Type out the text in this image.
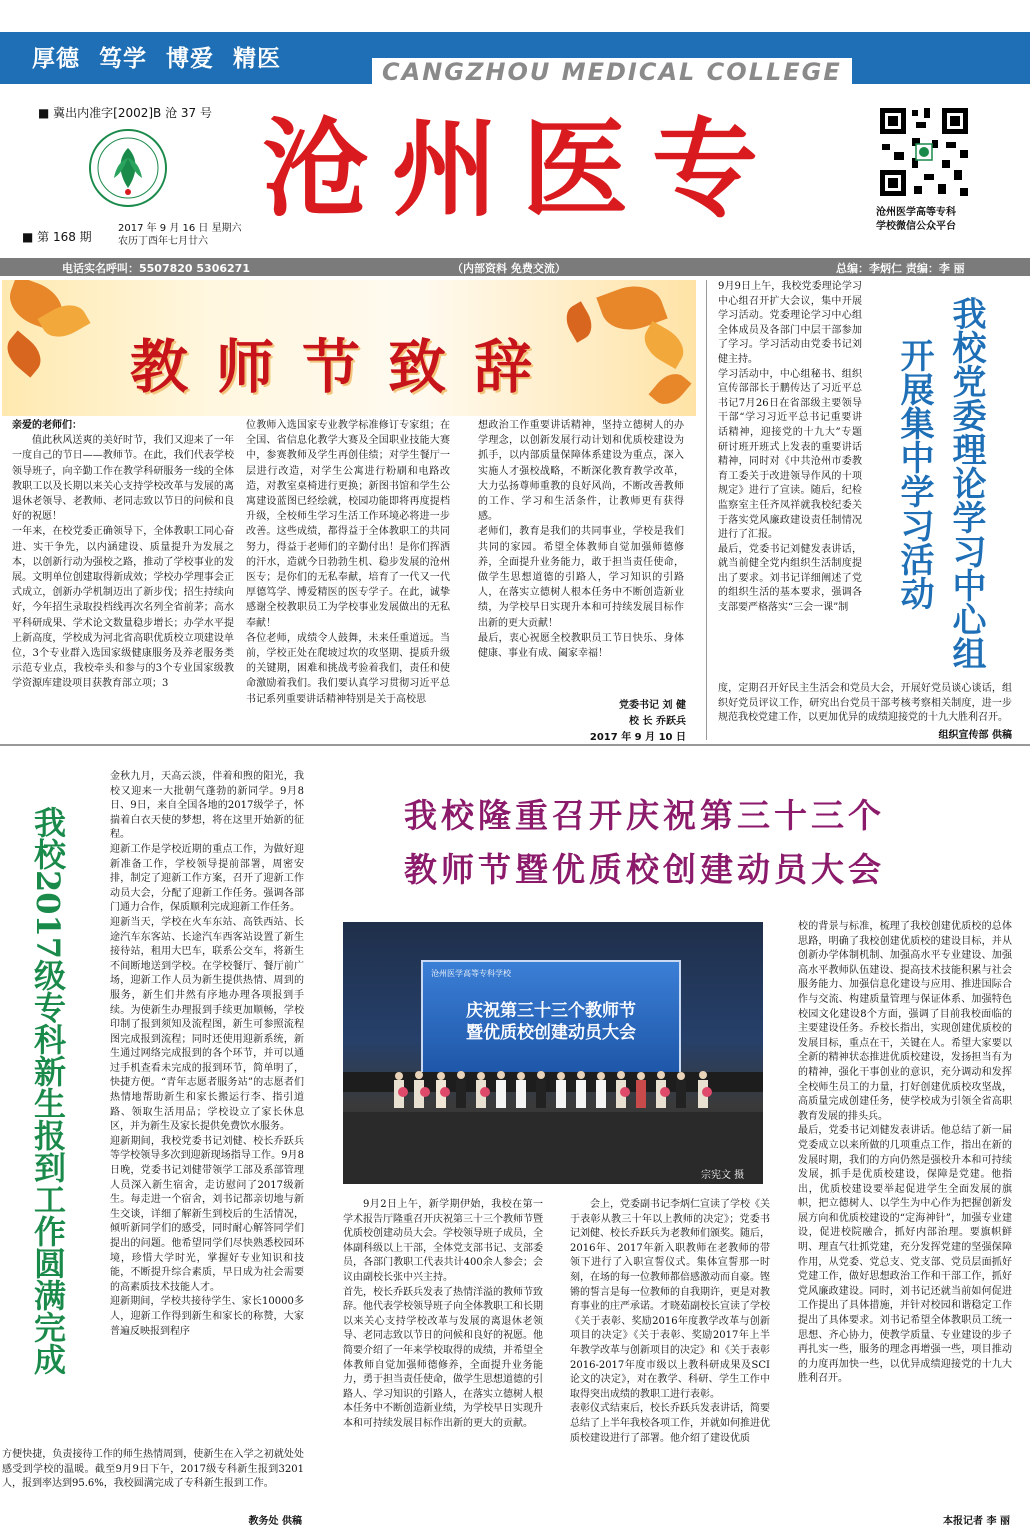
厚德 笃学 博爱 精医	CANGZHOU MEDICAL COLLEGE
■ 冀出内准字[2002]B 沧 37 号
■ 第 168 期
2017 年 9 月 16 日 星期六
农历丁酉年七月廿六
沧州医专	沧州医学高等专科
学校微信公众平台
电话实名呼叫：5507820 5306271	（内部资料 免费交流）	总编：李炳仁 责编：李 丽
教师节致辞
亲爱的老师们：
值此秋风送爽的美好时节，我们又迎来了一年一度自己的节日——教师节。在此，我们代表学校领导班子，向辛勤工作在教学科研服务一线的全体教职工以及长期以来关心支持学校改革与发展的离退休老领导、老教师、老同志致以节日的问候和良好的祝愿！
一年来，在校党委正确领导下，全体教职工同心奋进、实干争先，以内涵建设、质量提升为发展之本，以创新行动为强校之路，推动了学校事业的发展。文明单位创建取得新成效；学校办学理事会正式成立，创新办学机制迈出了新步伐；招生持续向好，今年招生录取投档线再次名列全省前茅；高水平科研成果、学术论文数量稳步增长；办学水平提上新高度，学校成为河北省高职优质校立项建设单位，3个专业群入选国家级健康服务及养老服务类示范专业点，我校牵头和参与的3个专业国家级教学资源库建设项目获教育部立项；3
位教师入选国家专业教学标准修订专家组；在全国、省信息化教学大赛及全国职业技能大赛中，参赛教师及学生再创佳绩；对学生餐厅一层进行改造，对学生公寓进行粉刷和电路改造，对教室桌椅进行更换；新图书馆和学生公寓建设蓝图已经绘就，校园功能即将再度提档升级，全校师生学习生活工作环境必将进一步改善。这些成绩，都得益于全体教职工的共同努力，得益于老师们的辛勤付出！是你们挥洒的汗水，造就今日勃勃生机、稳步发展的沧州医专；是你们的无私奉献，培育了一代又一代厚德笃学、博爱精医的医专学子。在此，诚挚感谢全校教职员工为学校事业发展做出的无私奉献！
各位老师，成绩令人鼓舞，未来任重道远。当前，学校正处在爬坡过坎的攻坚期、提质升级的关键期，困难和挑战考验着我们，责任和使命激励着我们。我们要认真学习贯彻习近平总书记系列重要讲话精神特别是关于高校思
想政治工作重要讲话精神，坚持立德树人的办学理念，以创新发展行动计划和优质校建设为抓手，以内部质量保障体系建设为重点，深入实施人才强校战略，不断深化教育教学改革，大力弘扬尊师重教的良好风尚，不断改善教师的工作、学习和生活条件，让教师更有获得感。
老师们，教育是我们的共同事业，学校是我们共同的家园。希望全体教师自觉加强师德修养，全面提升业务能力，敢于担当责任使命，做学生思想道德的引路人，学习知识的引路人，在落实立德树人根本任务中不断创造新业绩，为学校早日实现升本和可持续发展目标作出新的更大贡献！
最后，衷心祝愿全校教职员工节日快乐、身体健康、事业有成、阖家幸福！
党委书记 刘 健
校 长 乔跃兵
2017 年 9 月 10 日
9月9日上午，我校党委理论学习中心组召开扩大会议，集中开展学习活动。党委理论学习中心组全体成员及各部门中层干部参加了学习。学习活动由党委书记刘健主持。
学习活动中，中心组秘书、组织宣传部部长于鹏传达了习近平总书记7月26日在省部级主要领导干部“学习习近平总书记重要讲话精神，迎接党的十九大”专题研讨班开班式上发表的重要讲话精神，同时对《中共沧州市委教育工委关于改进领导作风的十项规定》进行了宣读。随后，纪检监察室主任齐凤祥就我校纪委关于落实党风廉政建设责任制情况进行了汇报。
最后，党委书记刘健发表讲话，就当前健全党内组织生活制度提出了要求。刘书记详细阐述了党的组织生活的基本要求，强调各支部要严格落实“三会一课”制	我校党委理论学习中心组
开展集中学习活动
度，定期召开好民主生活会和党员大会，开展好党员谈心谈话，组织好党员评议工作，研究出台党员干部考核考察相关制度，进一步规范我校党建工作，以更加优异的成绩迎接党的十九大胜利召开。
组织宣传部 供稿
我校2017级专科新生报到工作圆满完成
金秋九月，天高云淡，伴着和煦的阳光，我校又迎来一大批朝气蓬勃的新同学。9月8日、9日，来自全国各地的2017级学子，怀揣着白衣天使的梦想，将在这里开始新的征程。
迎新工作是学校近期的重点工作，为做好迎新准备工作，学校领导提前部署，周密安排，制定了迎新工作方案，召开了迎新工作动员大会，分配了迎新工作任务。强调各部门通力合作，保质顺利完成迎新工作任务。
迎新当天，学校在火车东站、高铁西站、长途汽车东客站、长途汽车西客站设置了新生接待站，租用大巴车，联系公交车，将新生不间断地送到学校。在学校餐厅、餐厅前广场，迎新工作人员为新生提供热情、周到的服务，新生们井然有序地办理各项报到手续。为使新生办理报到手续更加顺畅，学校印制了报到须知及流程图，新生可参照流程图完成报到流程；同时还使用迎新系统，新生通过网络完成报到的各个环节，并可以通过手机查看未完成的报到环节，简单明了，快捷方便。“青年志愿者服务站”的志愿者们热情地帮助新生和家长搬运行李、指引道路、领取生活用品；学校设立了家长休息区，并为新生及家长提供免费饮水服务。
迎新期间，我校党委书记刘健、校长乔跃兵等学校领导多次到迎新现场指导工作。9月8日晚，党委书记刘健带领学工部及系部管理人员深入新生宿舍，走访慰问了2017级新生。每走进一个宿舍，刘书记都亲切地与新生交谈，详细了解新生到校后的生活情况，倾听新同学们的感受，同时耐心解答同学们提出的问题。他希望同学们尽快熟悉校园环境，珍惜大学时光，掌握好专业知识和技能，不断提升综合素质，早日成为社会需要的高素质技术技能人才。
迎新期间，学校共接待学生、家长10000多人，迎新工作得到新生和家长的称赞，大家普遍反映报到程序
方便快捷，负责接待工作的师生热情周到，使新生在入学之初就处处感受到学校的温暖。截至9月9日下午，2017级专科新生报到3201人，报到率达到95.6%，我校圆满完成了专科新生报到工作。
教务处 供稿
我校隆重召开庆祝第三十三个
教师节暨优质校创建动员大会
沧州医学高等专科学校
庆祝第三十三个教师节
暨优质校创建动员大会
宗宪文 摄
9月2日上午，新学期伊始，我校在第一学术报告厅隆重召开庆祝第三十三个教师节暨优质校创建动员大会。学校领导班子成员，全体副科级以上干部，全体党支部书记、支部委员，各部门教职工代表共计400余人参会；会议由副校长张中兴主持。
首先，校长乔跃兵发表了热情洋溢的教师节致辞。他代表学校领导班子向全体教职工和长期以来关心支持学校改革与发展的离退休老领导、老同志致以节日的问候和良好的祝愿。他简要介绍了一年来学校取得的成绩，并希望全体教师自觉加强师德修养，全面提升业务能力，勇于担当责任使命，做学生思想道德的引路人、学习知识的引路人，在落实立德树人根本任务中不断创造新业绩，为学校早日实现升本和可持续发展目标作出新的更大的贡献。
会上，党委副书记李炳仁宣读了学校《关于表彰从教三十年以上教师的决定》；党委书记刘健、校长乔跃兵为老教师们颁奖。随后，2016年、2017年新入职教师在老教师的带领下进行了入职宣誓仪式。集体宣誓那一时刻，在场的每一位教师都倍感激动而自豪。铿锵的誓言是每一位教师的自我期许，更是对教育事业的庄严承诺。才晓茹副校长宣读了学校《关于表彰、奖励2016年度教学改革与创新项目的决定》《关于表彰、奖励2017年上半年教学改革与创新项目的决定》和《关于表彰2016-2017年度市级以上教科研成果及SCI论文的决定》，对在教学、科研、学生工作中取得突出成绩的教职工进行表彰。
表彰仪式结束后，校长乔跃兵发表讲话，简要总结了上半年我校各项工作，并就如何推进优质校建设进行了部署。他介绍了建设优质
校的背景与标准，梳理了我校创建优质校的总体思路，明确了我校创建优质校的建设目标，并从创新办学体制机制、加强高水平专业建设、加强高水平教师队伍建设、提高技术技能积累与社会服务能力、加强信息化建设与应用、推进国际合作与交流、构建质量管理与保证体系、加强特色校园文化建设8个方面，强调了目前我校面临的主要建设任务。乔校长指出，实现创建优质校的发展目标，重点在干，关键在人。希望大家要以全新的精神状态推进优质校建设，发扬担当有为的精神，强化干事创业的意识，充分调动和发挥全校师生员工的力量，打好创建优质校攻坚战，高质量完成创建任务，使学校成为引领全省高职教育发展的排头兵。
最后，党委书记刘健发表讲话。他总结了新一届党委成立以来所做的几项重点工作，指出在新的发展时期，我们的方向仍然是强校升本和可持续发展，抓手是优质校建设，保障是党建。他指出，优质校建设要举起促进学生全面发展的旗帜，把立德树人、以学生为中心作为把握创新发展方向和优质校建设的“定海神针”，加强专业建设，促进校院融合，抓好内部治理。要旗帜鲜明、理直气壮抓党建，充分发挥党建的坚强保障作用，从党委、党总支、党支部、党员层面抓好党建工作，做好思想政治工作和干部工作，抓好党风廉政建设。同时，刘书记还就当前如何促进工作提出了具体措施，并针对校园和谐稳定工作提出了具体要求。刘书记希望全体教职员工统一思想、齐心协力，使教学质量、专业建设的步子再扎实一些，服务的理念再增强一些，项目推动的力度再加快一些，以优异成绩迎接党的十九大胜利召开。
本报记者 李 丽
